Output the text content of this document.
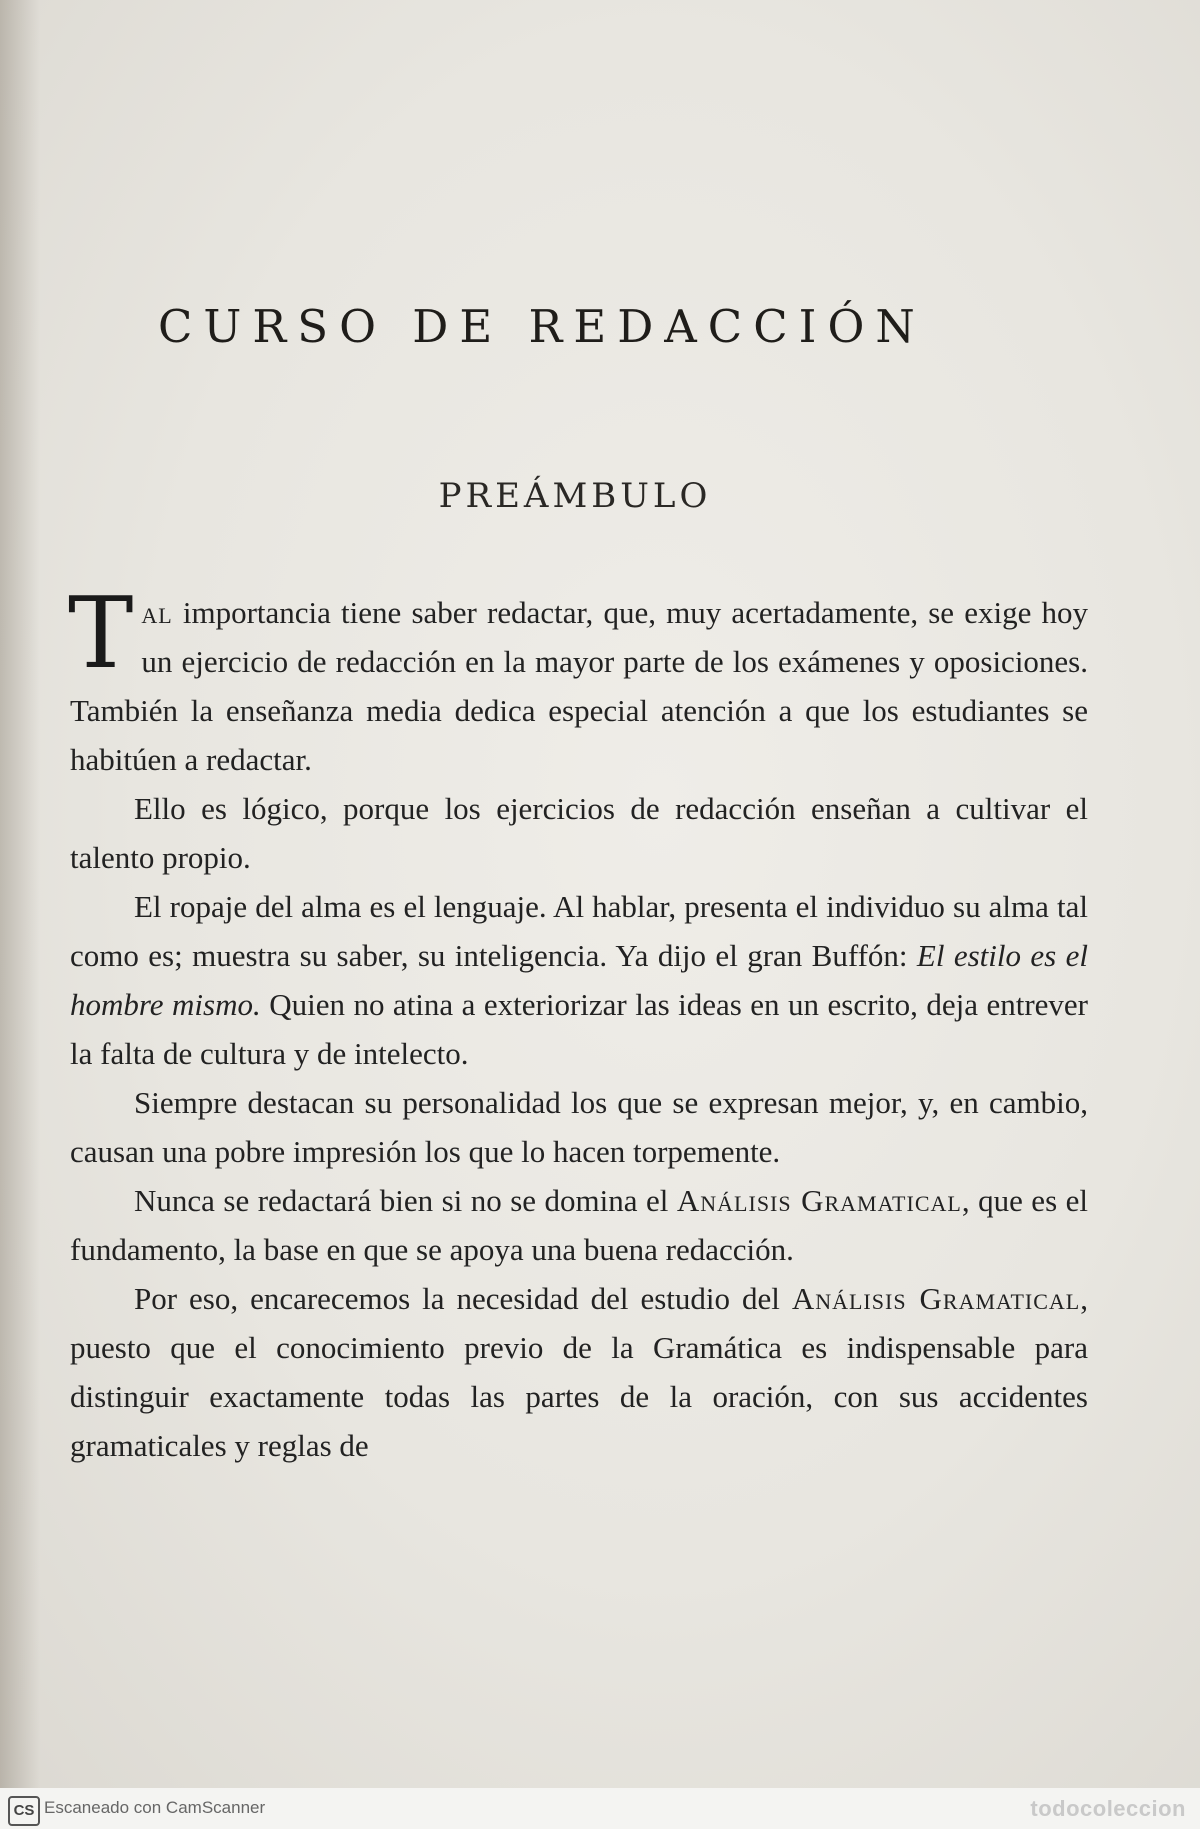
CURSO DE REDACCIÓN
PREÁMBULO

Tal importancia tiene saber redactar, que, muy acertadamente, se exige hoy un ejercicio de redacción en la mayor parte de los exámenes y oposiciones. También la enseñanza media dedica especial atención a que los estudiantes se habitúen a redactar.

Ello es lógico, porque los ejercicios de redacción enseñan a cultivar el talento propio.

El ropaje del alma es el lenguaje. Al hablar, presenta el individuo su alma tal como es; muestra su saber, su inteligencia. Ya dijo el gran Buffón: El estilo es el hombre mismo. Quien no atina a exteriorizar las ideas en un escrito, deja entrever la falta de cultura y de intelecto.

Siempre destacan su personalidad los que se expresan mejor, y, en cambio, causan una pobre impresión los que lo hacen torpemente.

Nunca se redactará bien si no se domina el Análisis Gramatical, que es el fundamento, la base en que se apoya una buena redacción.

Por eso, encarecemos la necesidad del estudio del Análisis Gramatical, puesto que el conocimiento previo de la Gramática es indispensable para distinguir exactamente todas las partes de la oración, con sus accidentes gramaticales y reglas de

CS Escaneado con CamScanner	todocoleccion
